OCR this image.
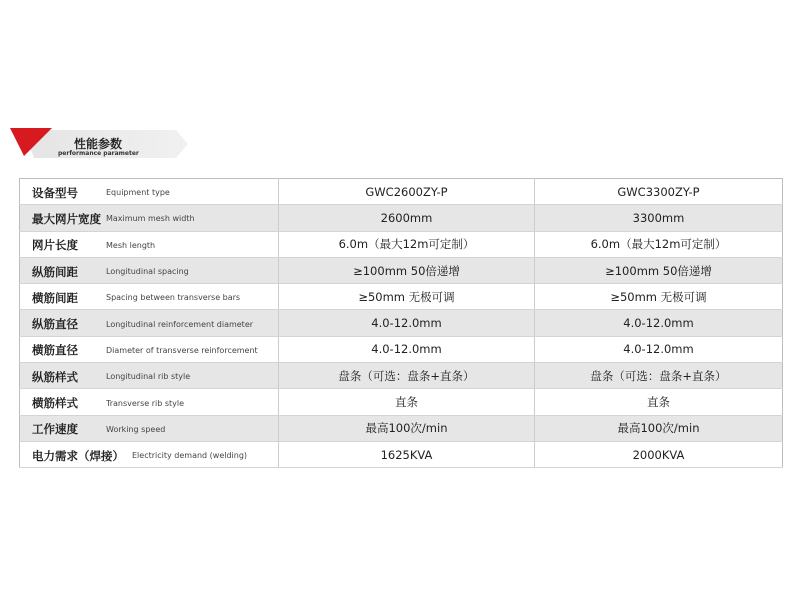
性能参数
performance parameter
设备型号 Equipment type	GWC2600ZY-P	GWC3300ZY-P
最大网片宽度 Maximum mesh width	2600mm	3300mm
网片长度 Mesh length	6.0m（最大12m可定制）	6.0m（最大12m可定制）
纵筋间距 Longitudinal spacing	≥100mm 50倍递增	≥100mm 50倍递增
横筋间距 Spacing between transverse bars	≥50mm 无极可调	≥50mm 无极可调
纵筋直径 Longitudinal reinforcement diameter	4.0-12.0mm	4.0-12.0mm
横筋直径 Diameter of transverse reinforcement	4.0-12.0mm	4.0-12.0mm
纵筋样式 Longitudinal rib style	盘条（可选：盘条+直条）	盘条（可选：盘条+直条）
横筋样式 Transverse rib style	直条	直条
工作速度 Working speed	最高100次/min	最高100次/min
电力需求（焊接） Electricity demand (welding)	1625KVA	2000KVA
